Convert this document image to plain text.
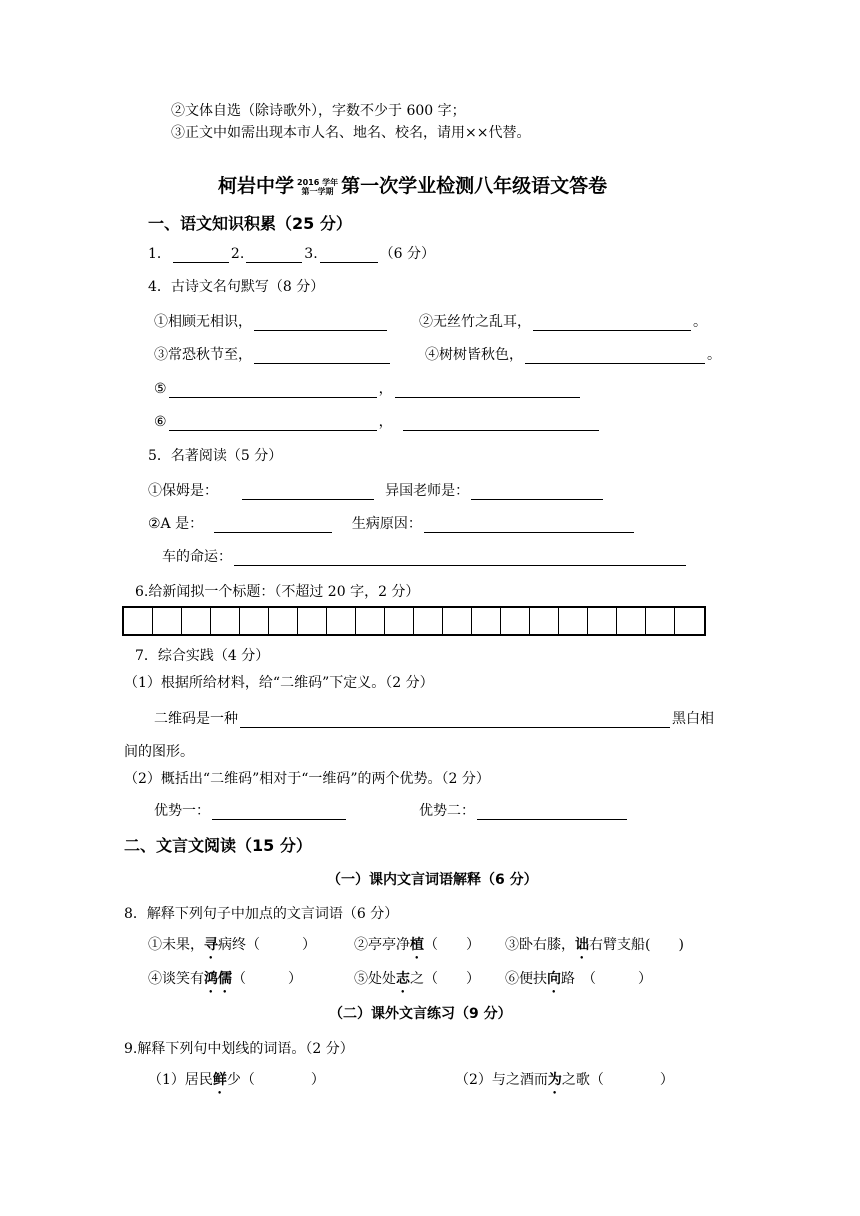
②文体自选（除诗歌外），字数不少于 600 字；
③正文中如需出现本市人名、地名、校名，请用××代替。
柯岩中学 2016 学年
第一学期 第一次学业检测八年级语文答卷
一、语文知识积累（25 分）
1．	2.	3.	（6 分）
4．古诗文名句默写（8 分）
①相顾无相识，	②无丝竹之乱耳，	。
③常恐秋节至，	④树树皆秋色，	。
⑤	，
⑥	，
5．名著阅读（5 分）
①保姆是：	异国老师是：
②A 是：	生病原因：
车的命运：
6.给新闻拟一个标题：（不超过 20 字，2 分）
7．综合实践（4 分）
（1）根据所给材料，给“二维码”下定义。（2 分）
二维码是一种	黑白相
间的图形。
（2）概括出“二维码”相对于“一维码”的两个优势。（2 分）
优势一：	优势二：
二、文言文阅读（15 分）
（一）课内文言词语解释（6 分）
8．解释下列句子中加点的文言词语（6 分）
①未果，寻病终（　　　）	②亭亭净植（　　） ③卧右膝，诎右臂支船(　　)
④谈笑有鸿儒（　　　）	⑤处处志之（　　） ⑥便扶向路　（　　　）
（二）课外文言练习（9 分）
9.解释下列句中划线的词语。（2 分）
（1）居民鲜少（　　　　）	（2）与之酒而为之歌（　　　　）
